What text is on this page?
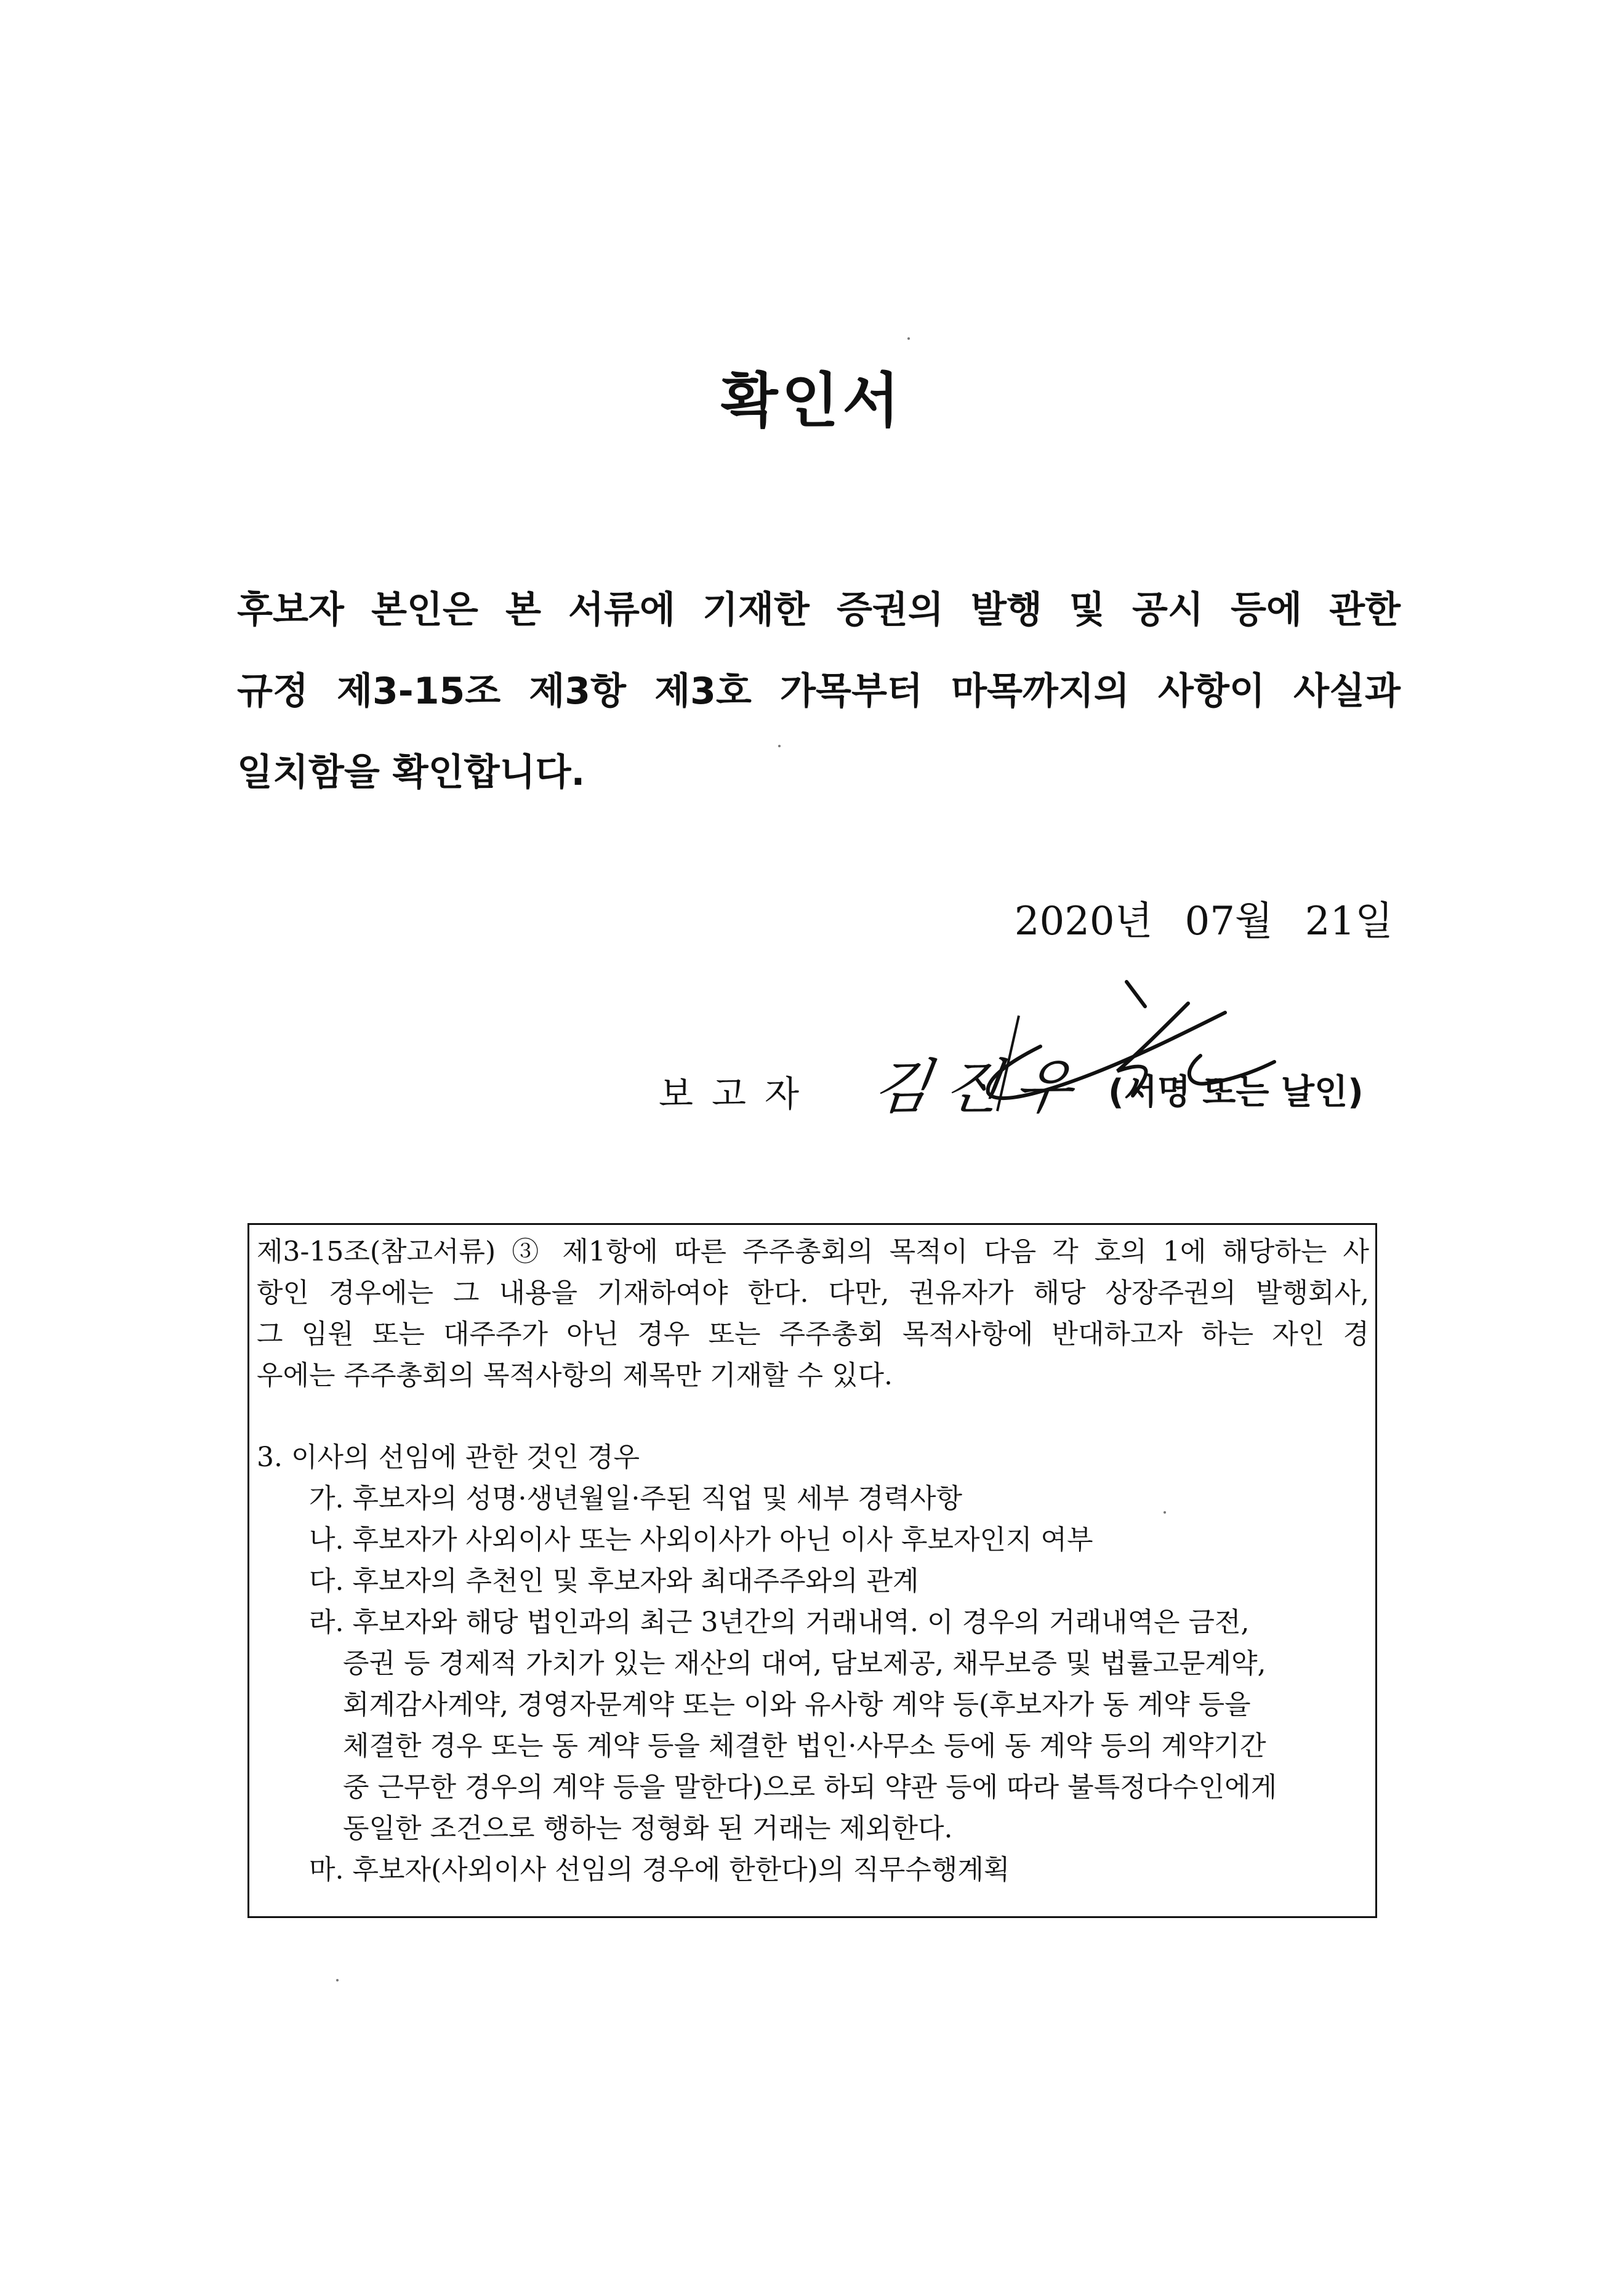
확인서
후보자 본인은 본 서류에 기재한 증권의 발행 및 공시 등에 관한
규정 제3-15조 제3항 제3호 가목부터 마목까지의 사항이 사실과
일치함을 확인합니다.
2020년 07월 21일
보고자 김진우 (서명 또는 날인)
제3-15조(참고서류) ③ 제1항에 따른 주주총회의 목적이 다음 각 호의 1에 해당하는 사
항인 경우에는 그 내용을 기재하여야 한다. 다만, 권유자가 해당 상장주권의 발행회사,
그 임원 또는 대주주가 아닌 경우 또는 주주총회 목적사항에 반대하고자 하는 자인 경
우에는 주주총회의 목적사항의 제목만 기재할 수 있다.
3. 이사의 선임에 관한 것인 경우
가. 후보자의 성명·생년월일·주된 직업 및 세부 경력사항
나. 후보자가 사외이사 또는 사외이사가 아닌 이사 후보자인지 여부
다. 후보자의 추천인 및 후보자와 최대주주와의 관계
라. 후보자와 해당 법인과의 최근 3년간의 거래내역. 이 경우의 거래내역은 금전,
증권 등 경제적 가치가 있는 재산의 대여, 담보제공, 채무보증 및 법률고문계약,
회계감사계약, 경영자문계약 또는 이와 유사항 계약 등(후보자가 동 계약 등을
체결한 경우 또는 동 계약 등을 체결한 법인·사무소 등에 동 계약 등의 계약기간
중 근무한 경우의 계약 등을 말한다)으로 하되 약관 등에 따라 불특정다수인에게
동일한 조건으로 행하는 정형화 된 거래는 제외한다.
마. 후보자(사외이사 선임의 경우에 한한다)의 직무수행계획
